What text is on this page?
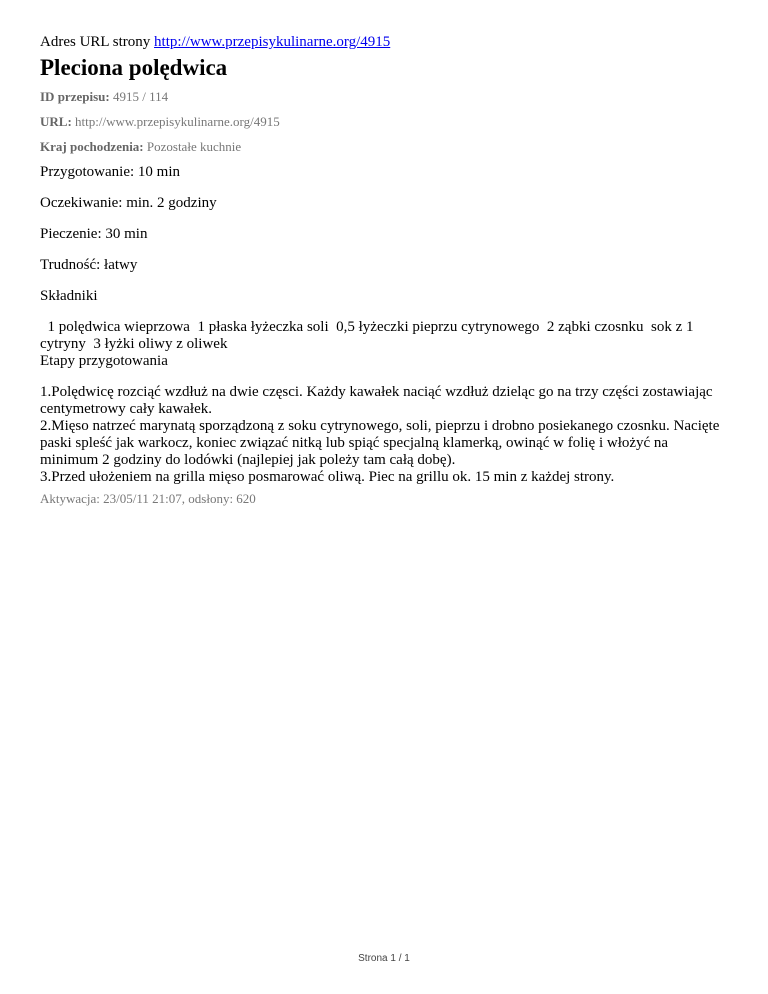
Adres URL strony http://www.przepisykulinarne.org/4915
Pleciona polędwica
ID przepisu: 4915 / 114
URL: http://www.przepisykulinarne.org/4915
Kraj pochodzenia: Pozostałe kuchnie
Przygotowanie: 10 min
Oczekiwanie: min. 2 godziny
Pieczenie: 30 min
Trudność: łatwy
Składniki
1 polędwica wieprzowa  1 płaska łyżeczka soli  0,5 łyżeczki pieprzu cytrynowego  2 ząbki czosnku  sok z 1 cytryny  3 łyżki oliwy z oliwek
Etapy przygotowania
1.Polędwicę rozciąć wzdłuż na dwie częsci. Każdy kawałek naciąć wzdłuż dzieląc go na trzy części zostawiając centymetrowy cały kawałek.
2.Mięso natrzeć marynatą sporządzoną z soku cytrynowego, soli, pieprzu i drobno posiekanego czosnku. Nacięte paski spleść jak warkocz, koniec związać nitką lub spiąć specjalną klamerką, owinąć w folię i włożyć na minimum 2 godziny do lodówki (najlepiej jak poleży tam całą dobę).
3.Przed ułożeniem na grilla mięso posmarować oliwą. Piec na grillu ok. 15 min z każdej strony.
Aktywacja: 23/05/11 21:07, odsłony: 620
Strona 1 / 1
